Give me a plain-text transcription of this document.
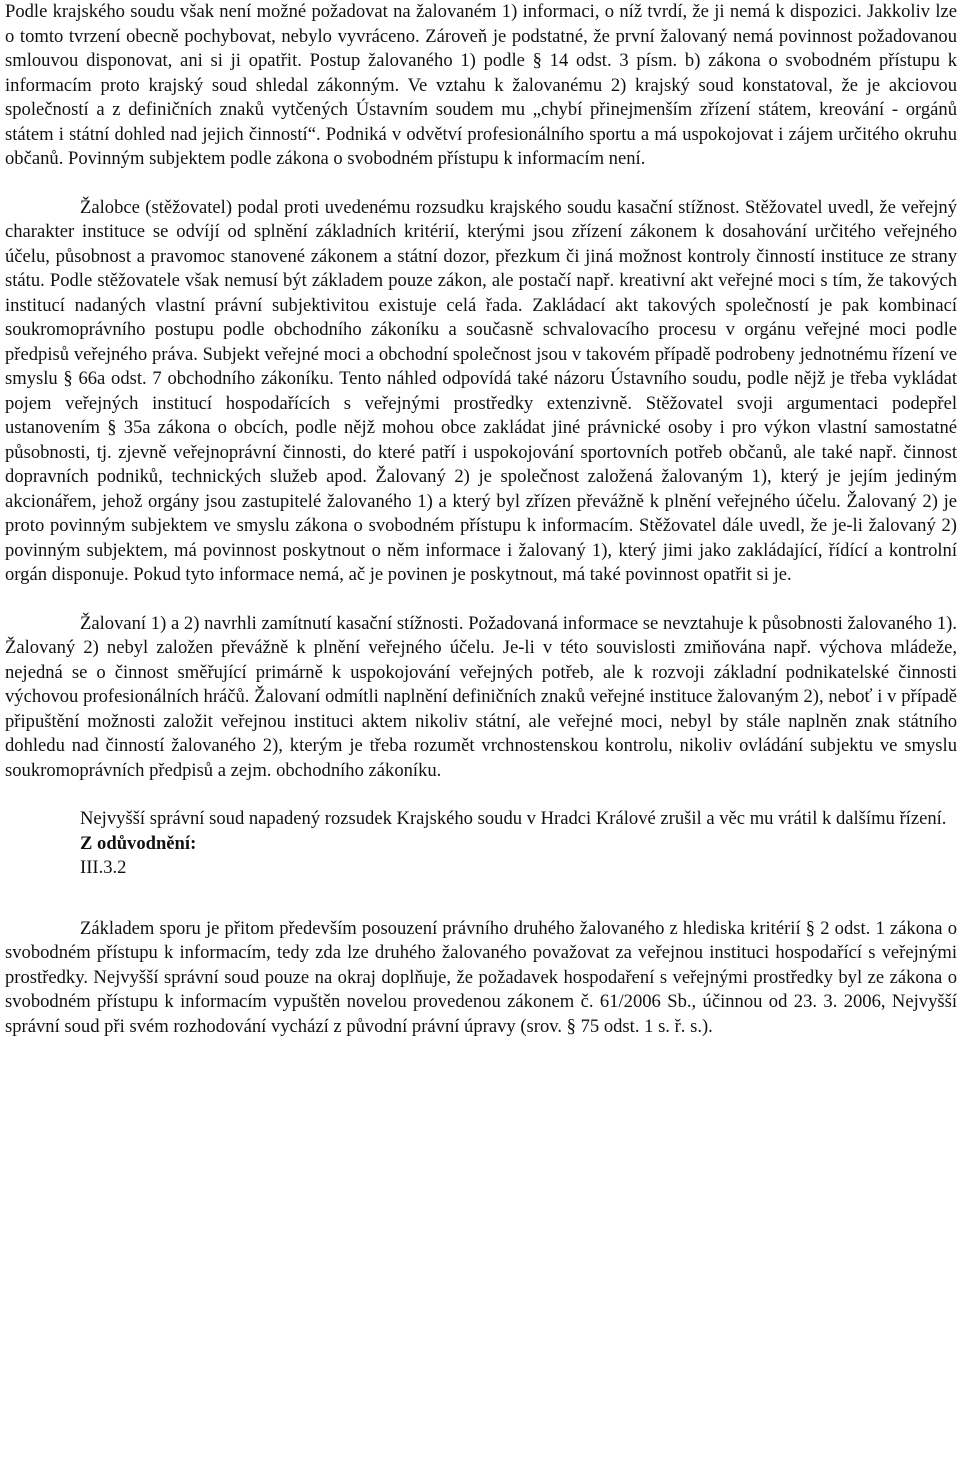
Podle krajského soudu však není možné požadovat na žalovaném 1) informaci, o níž tvrdí, že ji nemá k dispozici. Jakkoliv lze o tomto tvrzení obecně pochybovat, nebylo vyvráceno. Zároveň je podstatné, že první žalovaný nemá povinnost požadovanou smlouvou disponovat, ani si ji opatřit. Postup žalovaného 1) podle § 14 odst. 3 písm. b) zákona o svobodném přístupu k informacím proto krajský soud shledal zákonným. Ve vztahu k žalovanému 2) krajský soud konstatoval, že je akciovou společností a z definičních znaků vytčených Ústavním soudem mu „chybí přinejmenším zřízení státem, kreování - orgánů státem i státní dohled nad jejich činností“. Podniká v odvětví profesionálního sportu a má uspokojovat i zájem určitého okruhu občanů. Povinným subjektem podle zákona o svobodném přístupu k informacím není.

Žalobce (stěžovatel) podal proti uvedenému rozsudku krajského soudu kasační stížnost. Stěžovatel uvedl, že veřejný charakter instituce se odvíjí od splnění základních kritérií, kterými jsou zřízení zákonem k dosahování určitého veřejného účelu, působnost a pravomoc stanovené zákonem a státní dozor, přezkum či jiná možnost kontroly činností instituce ze strany státu. Podle stěžovatele však nemusí být základem pouze zákon, ale postačí např. kreativní akt veřejné moci s tím, že takových institucí nadaných vlastní právní subjektivitou existuje celá řada. Zakládací akt takových společností je pak kombinací soukromoprávního postupu podle obchodního zákoníku a současně schvalovacího procesu v orgánu veřejné moci podle předpisů veřejného práva. Subjekt veřejné moci a obchodní společnost jsou v takovém případě podrobeny jednotnému řízení ve smyslu § 66a odst. 7 obchodního zákoníku. Tento náhled odpovídá také názoru Ústavního soudu, podle nějž je třeba vykládat pojem veřejných institucí hospodařících s veřejnými prostředky extenzivně. Stěžovatel svoji argumentaci podepřel ustanovením § 35a zákona o obcích, podle nějž mohou obce zakládat jiné právnické osoby i pro výkon vlastní samostatné působnosti, tj. zjevně veřejnoprávní činnosti, do které patří i uspokojování sportovních potřeb občanů, ale také např. činnost dopravních podniků, technických služeb apod. Žalovaný 2) je společnost založená žalovaným 1), který je jejím jediným akcionářem, jehož orgány jsou zastupitelé žalovaného 1) a který byl zřízen převážně k plnění veřejného účelu. Žalovaný 2) je proto povinným subjektem ve smyslu zákona o svobodném přístupu k informacím. Stěžovatel dále uvedl, že je-li žalovaný 2) povinným subjektem, má povinnost poskytnout o něm informace i žalovaný 1), který jimi jako zakládající, řídící a kontrolní orgán disponuje. Pokud tyto informace nemá, ač je povinen je poskytnout, má také povinnost opatřit si je.

Žalovaní 1) a 2) navrhli zamítnutí kasační stížnosti. Požadovaná informace se nevztahuje k působnosti žalovaného 1). Žalovaný 2) nebyl založen převážně k plnění veřejného účelu. Je-li v této souvislosti zmiňována např. výchova mládeže, nejedná se o činnost směřující primárně k uspokojování veřejných potřeb, ale k rozvoji základní podnikatelské činnosti výchovou profesionálních hráčů. Žalovaní odmítli naplnění definičních znaků veřejné instituce žalovaným 2), neboť i v případě připuštění možnosti založit veřejnou instituci aktem nikoliv státní, ale veřejné moci, nebyl by stále naplněn znak státního dohledu nad činností žalovaného 2), kterým je třeba rozumět vrchnostenskou kontrolu, nikoliv ovládání subjektu ve smyslu soukromoprávních předpisů a zejm. obchodního zákoníku.

Nejvyšší správní soud napadený rozsudek Krajského soudu v Hradci Králové zrušil a věc mu vrátil k dalšímu řízení.

Z odůvodnění:

III.3.2

Základem sporu je přitom především posouzení právního druhého žalovaného z hlediska kritérií § 2 odst. 1 zákona o svobodném přístupu k informacím, tedy zda lze druhého žalovaného považovat za veřejnou instituci hospodařící s veřejnými prostředky. Nejvyšší správní soud pouze na okraj doplňuje, že požadavek hospodaření s veřejnými prostředky byl ze zákona o svobodném přístupu k informacím vypuštěn novelou provedenou zákonem č. 61/2006 Sb., účinnou od 23. 3. 2006, Nejvyšší správní soud při svém rozhodování vychází z původní právní úpravy (srov. § 75 odst. 1 s. ř. s.).
